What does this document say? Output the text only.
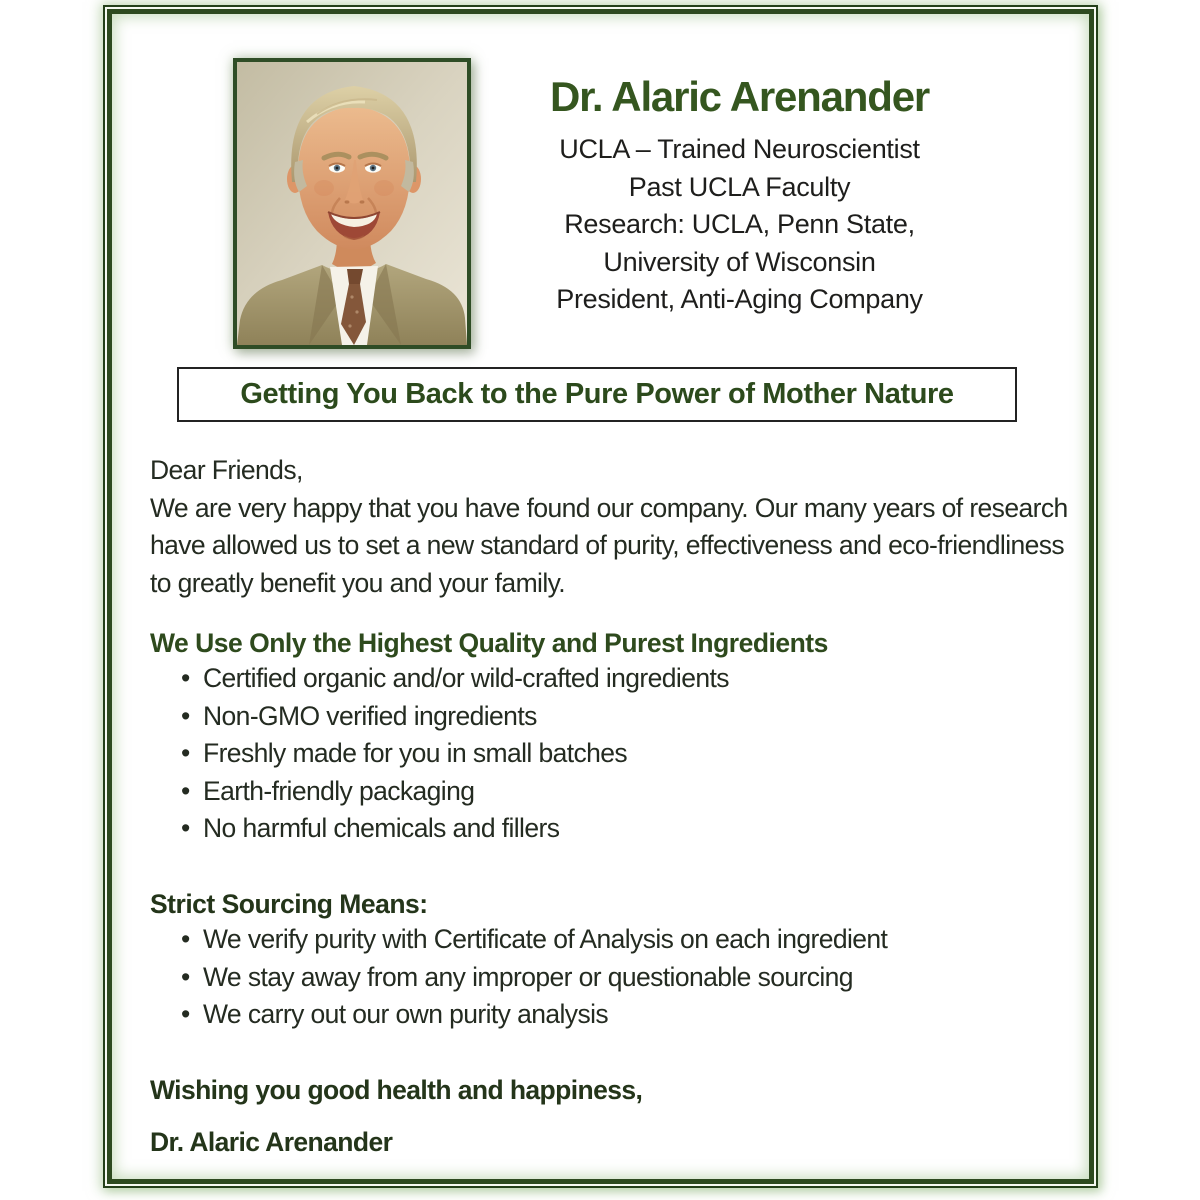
Dr. Alaric Arenander
UCLA – Trained Neuroscientist
Past UCLA Faculty
Research: UCLA, Penn State,
University of Wisconsin
President, Anti-Aging Company
Getting You Back to the Pure Power of Mother Nature
Dear Friends,
We are very happy that you have found our company. Our many years of research have allowed us to set a new standard of purity, effectiveness and eco-friendliness to greatly benefit you and your family.
We Use Only the Highest Quality and Purest Ingredients
• Certified organic and/or wild-crafted ingredients
• Non-GMO verified ingredients
• Freshly made for you in small batches
• Earth-friendly packaging
• No harmful chemicals and fillers
Strict Sourcing Means:
• We verify purity with Certificate of Analysis on each ingredient
• We stay away from any improper or questionable sourcing
• We carry out our own purity analysis
Wishing you good health and happiness,
Dr. Alaric Arenander
